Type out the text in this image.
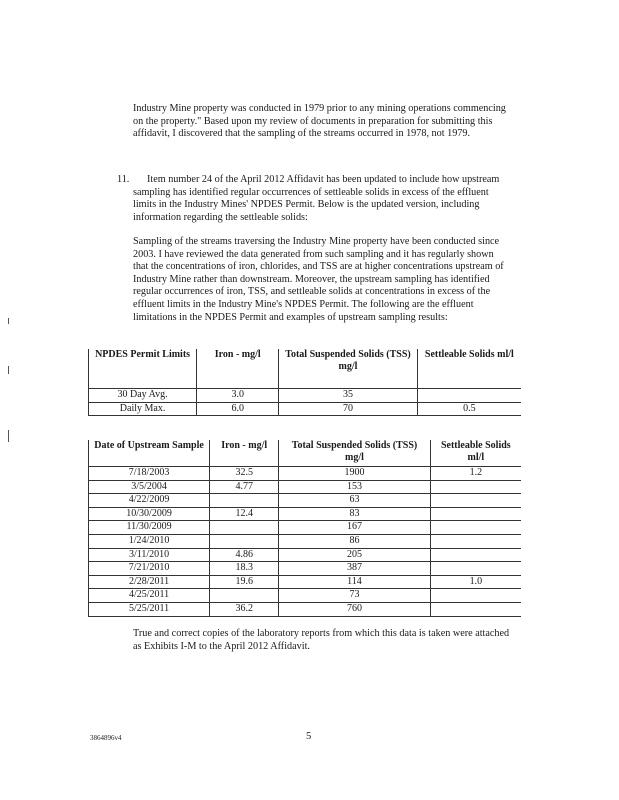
Industry Mine property was conducted in 1979 prior to any mining operations commencing on the property." Based upon my review of documents in preparation for submitting this affidavit, I discovered that the sampling of the streams occurred in 1978, not 1979.
11.	Item number 24 of the April 2012 Affidavit has been updated to include how upstream sampling has identified regular occurrences of settleable solids in excess of the effluent limits in the Industry Mines' NPDES Permit. Below is the updated version, including information regarding the settleable solids:
Sampling of the streams traversing the Industry Mine property have been conducted since 2003. I have reviewed the data generated from such sampling and it has regularly shown that the concentrations of iron, chlorides, and TSS are at higher concentrations upstream of Industry Mine rather than downstream. Moreover, the upstream sampling has identified regular occurrences of iron, TSS, and settleable solids at concentrations in excess of the effluent limits in the Industry Mine's NPDES Permit. The following are the effluent limitations in the NPDES Permit and examples of upstream sampling results:
NPDES Permit Limits	Iron - mg/l	Total Suspended Solids (TSS) mg/l	Settleable Solids ml/l
30 Day Avg.	3.0	35	
Daily Max.	6.0	70	0.5
Date of Upstream Sample	Iron - mg/l	Total Suspended Solids (TSS) mg/l	Settleable Solids ml/l
7/18/2003	32.5	1900	1.2
3/5/2004	4.77	153	
4/22/2009		63	
10/30/2009	12.4	83	
11/30/2009		167	
1/24/2010		86	
3/11/2010	4.86	205	
7/21/2010	18.3	387	
2/28/2011	19.6	114	1.0
4/25/2011		73	
5/25/2011	36.2	760	
True and correct copies of the laboratory reports from which this data is taken were attached as Exhibits I-M to the April 2012 Affidavit.
3864896v4	5
